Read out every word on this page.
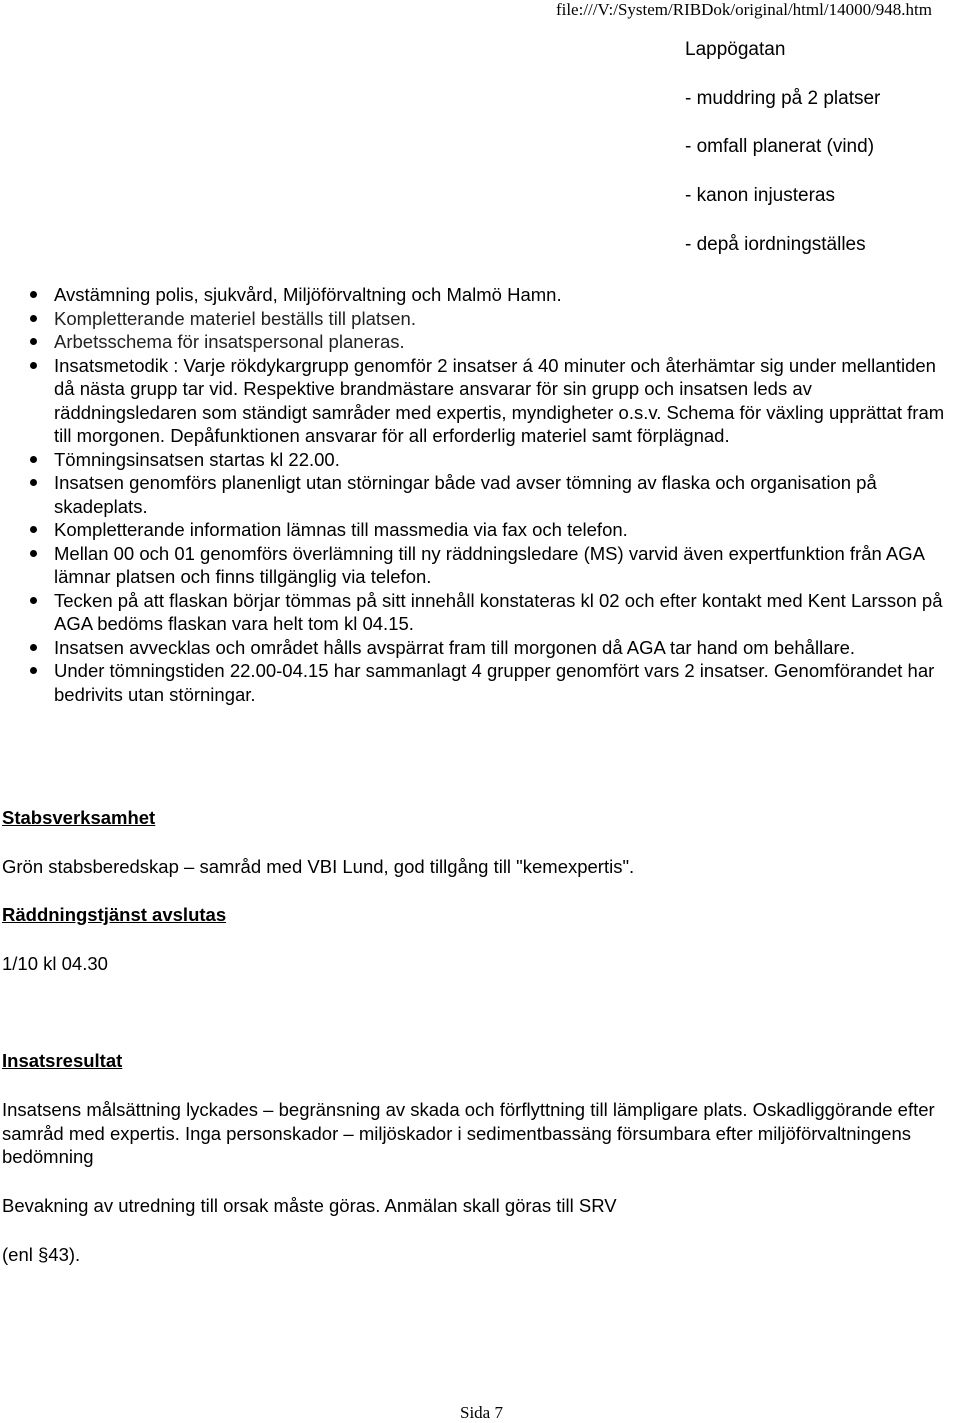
file:///V:/System/RIBDok/original/html/14000/948.htm
Lappögatan
- muddring på 2 platser
- omfall planerat (vind)
- kanon injusteras
- depå iordningställes
Avstämning polis, sjukvård, Miljöförvaltning och Malmö Hamn.
Kompletterande materiel beställs till platsen.
Arbetsschema för insatspersonal planeras.
Insatsmetodik : Varje rökdykargrupp genomför 2 insatser á 40 minuter och återhämtar sig under mellantiden då nästa grupp tar vid. Respektive brandmästare ansvarar för sin grupp och insatsen leds av räddningsledaren som ständigt samråder med expertis, myndigheter o.s.v. Schema för växling upprättat fram till morgonen. Depåfunktionen ansvarar för all erforderlig materiel samt förplägnad.
Tömningsinsatsen startas kl 22.00.
Insatsen genomförs planenligt utan störningar både vad avser tömning av flaska och organisation på skadeplats.
Kompletterande information lämnas till massmedia via fax och telefon.
Mellan 00 och 01 genomförs överlämning till ny räddningsledare (MS) varvid även expertfunktion från AGA lämnar platsen och finns tillgänglig via telefon.
Tecken på att flaskan börjar tömmas på sitt innehåll konstateras kl 02 och efter kontakt med Kent Larsson på AGA bedöms flaskan vara helt tom kl 04.15.
Insatsen avvecklas och området hålls avspärrat fram till morgonen då AGA tar hand om behållare.
Under tömningstiden 22.00-04.15 har sammanlagt 4 grupper genomfört vars 2 insatser. Genomförandet har bedrivits utan störningar.
Stabsverksamhet
Grön stabsberedskap – samråd med VBI Lund, god tillgång till "kemexpertis".
Räddningstjänst avslutas
1/10 kl 04.30
Insatsresultat
Insatsens målsättning lyckades – begränsning av skada och förflyttning till lämpligare plats. Oskadliggörande efter samråd med expertis. Inga personskador – miljöskador i sedimentbassäng försumbara efter miljöförvaltningens bedömning
Bevakning av utredning till orsak måste göras. Anmälan skall göras till SRV
(enl §43).
Sida 7
